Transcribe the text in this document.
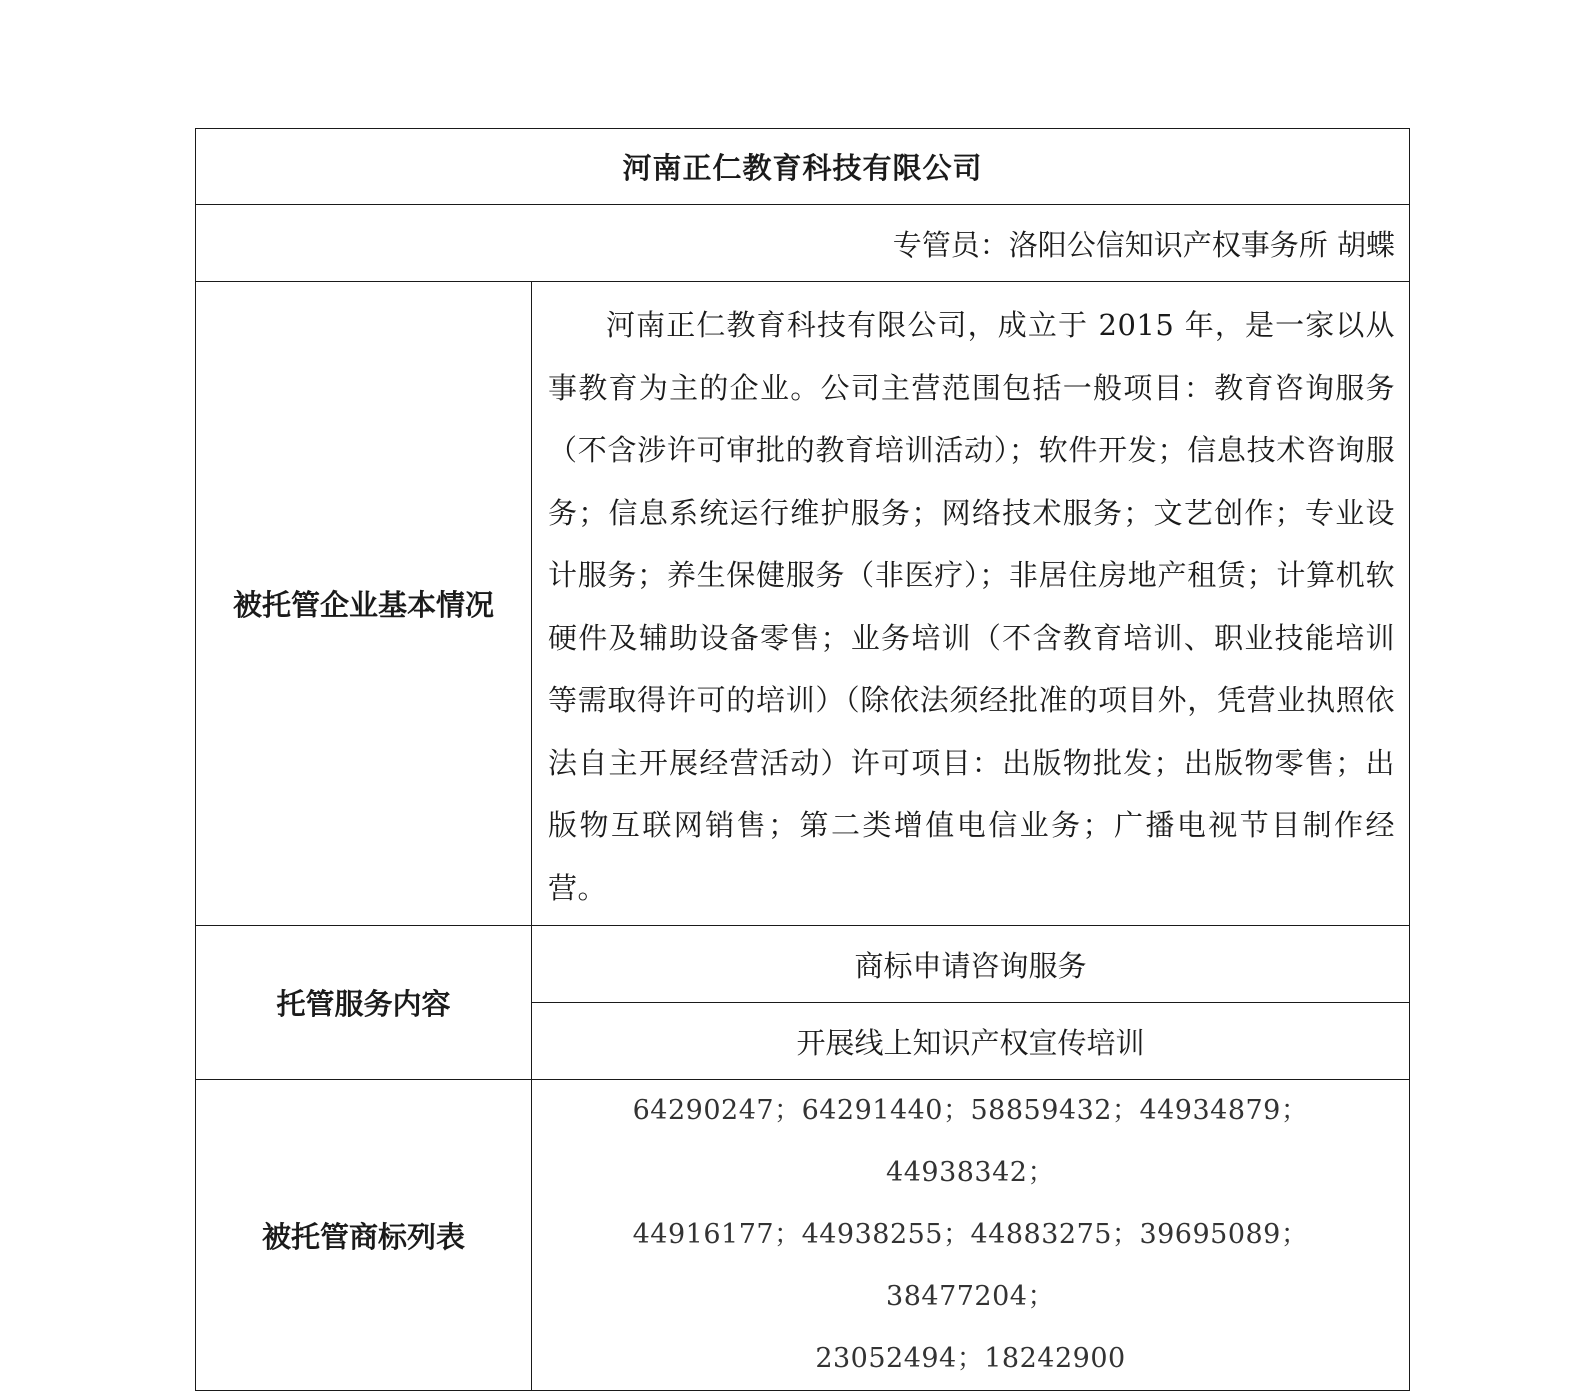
河南正仁教育科技有限公司	
专管员：洛阳公信知识产权事务所 胡蝶	
被托管企业基本情况	河南正仁教育科技有限公司，成立于 2015 年，是一家以从事教育为主的企业。公司主营范围包括一般项目：教育咨询服务（不含涉许可审批的教育培训活动）；软件开发；信息技术咨询服务；信息系统运行维护服务；网络技术服务；文艺创作；专业设计服务；养生保健服务（非医疗）；非居住房地产租赁；计算机软硬件及辅助设备零售；业务培训（不含教育培训、职业技能培训等需取得许可的培训）（除依法须经批准的项目外，凭营业执照依法自主开展经营活动）许可项目：出版物批发；出版物零售；出版物互联网销售；第二类增值电信业务；广播电视节目制作经营。

托管服务内容	商标申请咨询服务
	开展线上知识产权宣传培训
被托管商标列表	64290247；64291440；58859432；44934879；44938342；
44916177；44938255；44883275；39695089；38477204；
23052494；18242900
